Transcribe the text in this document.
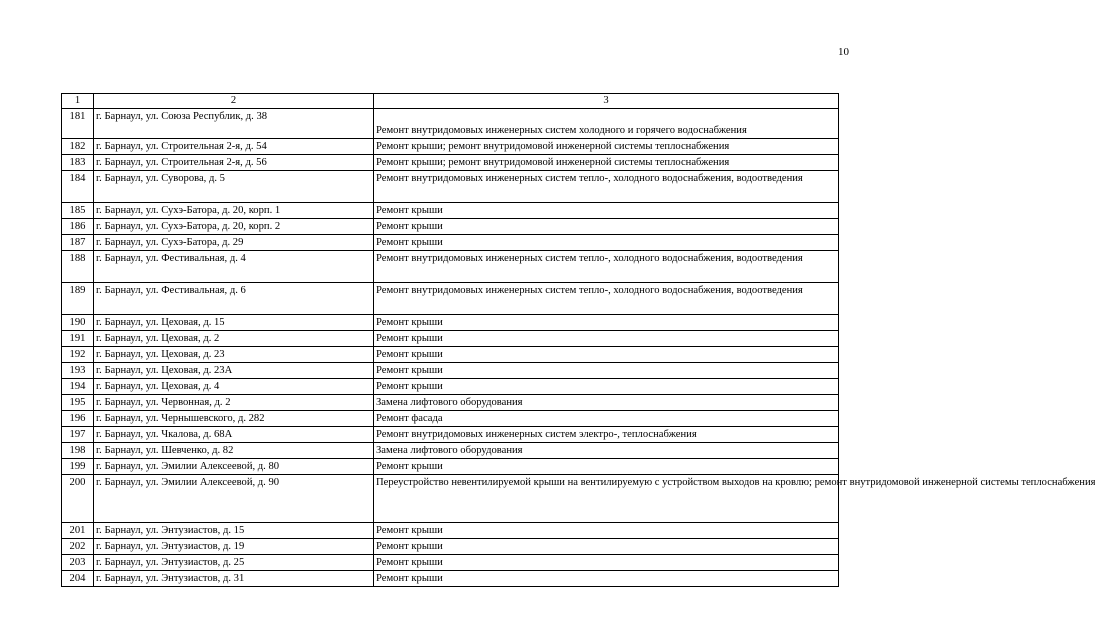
10
1	2	3
181	г. Барнаул, ул. Союза Республик, д. 38	Ремонт внутридомовых инженерных систем холодного и горячего водоснабжения
182	г. Барнаул, ул. Строительная 2-я, д. 54	Ремонт крыши; ремонт внутридомовой инженерной системы теплоснабжения
183	г. Барнаул, ул. Строительная 2-я, д. 56	Ремонт крыши; ремонт внутридомовой инженерной системы теплоснабжения
184	г. Барнаул, ул. Суворова, д. 5	Ремонт внутридомовых инженерных систем тепло-, холодного водоснабжения, водоотведения
185	г. Барнаул, ул. Сухэ-Батора, д. 20, корп. 1	Ремонт крыши
186	г. Барнаул, ул. Сухэ-Батора, д. 20, корп. 2	Ремонт крыши
187	г. Барнаул, ул. Сухэ-Батора, д. 29	Ремонт крыши
188	г. Барнаул, ул. Фестивальная, д. 4	Ремонт внутридомовых инженерных систем тепло-, холодного водоснабжения, водоотведения
189	г. Барнаул, ул. Фестивальная, д. 6	Ремонт внутридомовых инженерных систем тепло-, холодного водоснабжения, водоотведения
190	г. Барнаул, ул. Цеховая, д. 15	Ремонт крыши
191	г. Барнаул, ул. Цеховая, д. 2	Ремонт крыши
192	г. Барнаул, ул. Цеховая, д. 23	Ремонт крыши
193	г. Барнаул, ул. Цеховая, д. 23А	Ремонт крыши
194	г. Барнаул, ул. Цеховая, д. 4	Ремонт крыши
195	г. Барнаул, ул. Червонная, д. 2	Замена лифтового оборудования
196	г. Барнаул, ул. Чернышевского, д. 282	Ремонт фасада
197	г. Барнаул, ул. Чкалова, д. 68А	Ремонт внутридомовых инженерных систем электро-, теплоснабжения
198	г. Барнаул, ул. Шевченко, д. 82	Замена лифтового оборудования
199	г. Барнаул, ул. Эмилии Алексеевой, д. 80	Ремонт крыши
200	г. Барнаул, ул. Эмилии Алексеевой, д. 90	Переустройство невентилируемой крыши на вентилируемую с устройством выходов на кровлю; ремонт внутридомовой инженерной системы теплоснабжения
201	г. Барнаул, ул. Энтузиастов, д. 15	Ремонт крыши
202	г. Барнаул, ул. Энтузиастов, д. 19	Ремонт крыши
203	г. Барнаул, ул. Энтузиастов, д. 25	Ремонт крыши
204	г. Барнаул, ул. Энтузиастов, д. 31	Ремонт крыши
